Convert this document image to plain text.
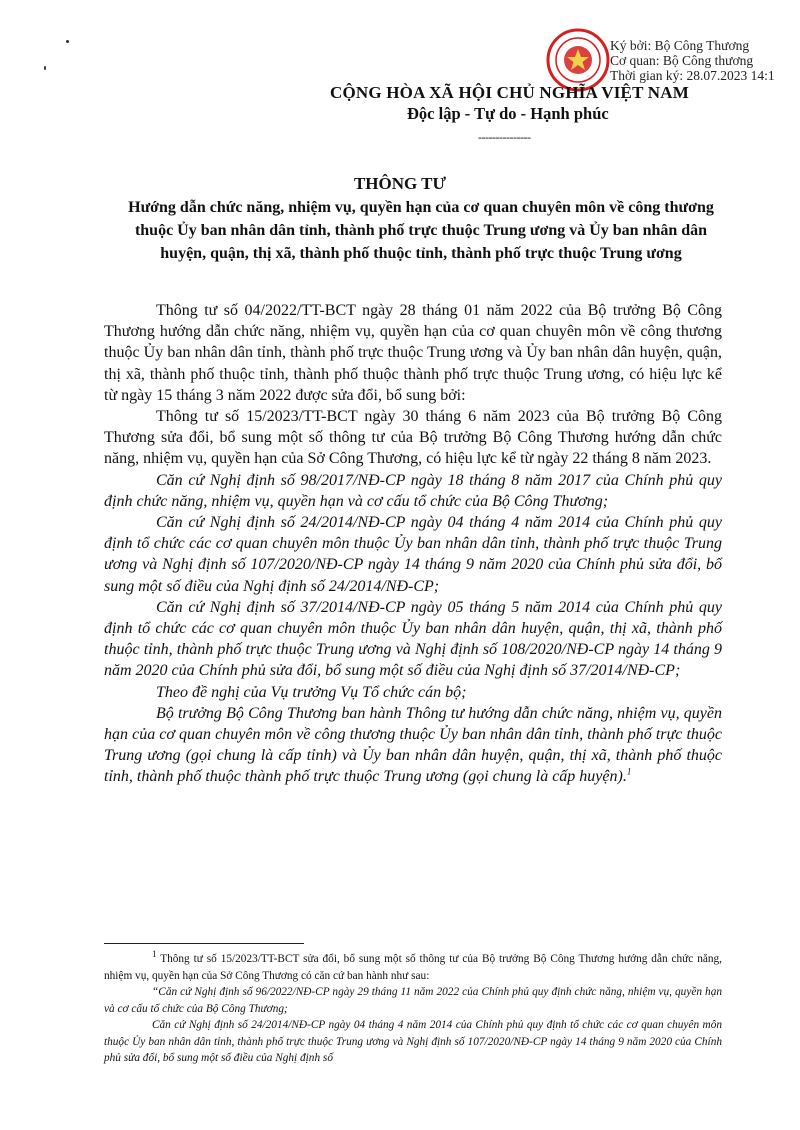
Ký bởi: Bộ Công Thương
Cơ quan: Bộ Công thương
Thời gian ký: 28.07.2023 14:1
CỘNG HÒA XÃ HỘI CHỦ NGHĨA VIỆT NAM
Độc lập - Tự do - Hạnh phúc
---------------
THÔNG TƯ
Hướng dẫn chức năng, nhiệm vụ, quyền hạn của cơ quan chuyên môn về công thương thuộc Ủy ban nhân dân tỉnh, thành phố trực thuộc Trung ương và Ủy ban nhân dân huyện, quận, thị xã, thành phố thuộc tỉnh, thành phố trực thuộc Trung ương

Thông tư số 04/2022/TT-BCT ngày 28 tháng 01 năm 2022 của Bộ trưởng Bộ Công Thương hướng dẫn chức năng, nhiệm vụ, quyền hạn của cơ quan chuyên môn về công thương thuộc Ủy ban nhân dân tỉnh, thành phố trực thuộc Trung ương và Ủy ban nhân dân huyện, quận, thị xã, thành phố thuộc tỉnh, thành phố thuộc thành phố trực thuộc Trung ương, có hiệu lực kể từ ngày 15 tháng 3 năm 2022 được sửa đổi, bổ sung bởi:

Thông tư số 15/2023/TT-BCT ngày 30 tháng 6 năm 2023 của Bộ trưởng Bộ Công Thương sửa đổi, bổ sung một số thông tư của Bộ trưởng Bộ Công Thương hướng dẫn chức năng, nhiệm vụ, quyền hạn của Sở Công Thương, có hiệu lực kể từ ngày 22 tháng 8 năm 2023.

Căn cứ Nghị định số 98/2017/NĐ-CP ngày 18 tháng 8 năm 2017 của Chính phủ quy định chức năng, nhiệm vụ, quyền hạn và cơ cấu tổ chức của Bộ Công Thương;

Căn cứ Nghị định số 24/2014/NĐ-CP ngày 04 tháng 4 năm 2014 của Chính phủ quy định tổ chức các cơ quan chuyên môn thuộc Ủy ban nhân dân tỉnh, thành phố trực thuộc Trung ương và Nghị định số 107/2020/NĐ-CP ngày 14 tháng 9 năm 2020 của Chính phủ sửa đổi, bổ sung một số điều của Nghị định số 24/2014/NĐ-CP;

Căn cứ Nghị định số 37/2014/NĐ-CP ngày 05 tháng 5 năm 2014 của Chính phủ quy định tổ chức các cơ quan chuyên môn thuộc Ủy ban nhân dân huyện, quận, thị xã, thành phố thuộc tỉnh, thành phố trực thuộc Trung ương và Nghị định số 108/2020/NĐ-CP ngày 14 tháng 9 năm 2020 của Chính phủ sửa đổi, bổ sung một số điều của Nghị định số 37/2014/NĐ-CP;

Theo đề nghị của Vụ trưởng Vụ Tổ chức cán bộ;

Bộ trưởng Bộ Công Thương ban hành Thông tư hướng dẫn chức năng, nhiệm vụ, quyền hạn của cơ quan chuyên môn về công thương thuộc Ủy ban nhân dân tỉnh, thành phố trực thuộc Trung ương (gọi chung là cấp tỉnh) và Ủy ban nhân dân huyện, quận, thị xã, thành phố thuộc tỉnh, thành phố thuộc thành phố trực thuộc Trung ương (gọi chung là cấp huyện).$^1$

$^1$ Thông tư số 15/2023/TT-BCT sửa đổi, bổ sung một số thông tư của Bộ trưởng Bộ Công Thương hướng dẫn chức năng, nhiệm vụ, quyền hạn của Sở Công Thương có căn cứ ban hành như sau:

“Căn cứ Nghị định số 96/2022/NĐ-CP ngày 29 tháng 11 năm 2022 của Chính phủ quy định chức năng, nhiệm vụ, quyền hạn và cơ cấu tổ chức của Bộ Công Thương;

Căn cứ Nghị định số 24/2014/NĐ-CP ngày 04 tháng 4 năm 2014 của Chính phủ quy định tổ chức các cơ quan chuyên môn thuộc Ủy ban nhân dân tỉnh, thành phố trực thuộc Trung ương và Nghị định số 107/2020/NĐ-CP ngày 14 tháng 9 năm 2020 của Chính phủ sửa đổi, bổ sung một số điều của Nghị định số
